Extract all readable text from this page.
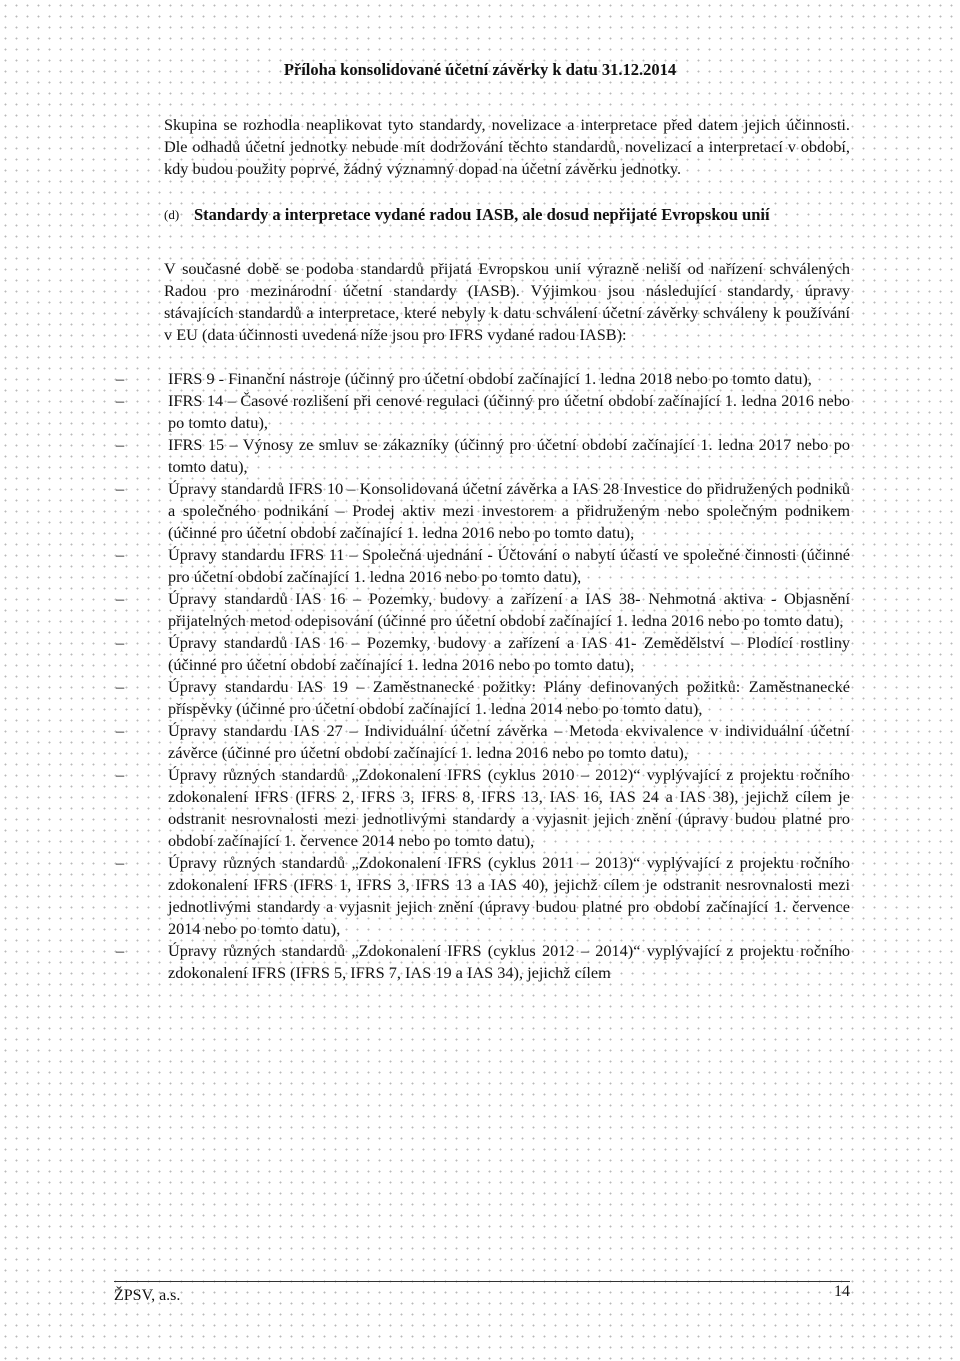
Příloha konsolidované účetní závěrky k datu 31.12.2014

Skupina se rozhodla neaplikovat tyto standardy, novelizace a interpretace před datem jejich účinnosti. Dle odhadů účetní jednotky nebude mít dodržování těchto standardů, novelizací a interpretací v období, kdy budou použity poprvé, žádný významný dopad na účetní závěrku jednotky.

(d) Standardy a interpretace vydané radou IASB, ale dosud nepřijaté Evropskou unií

V současné době se podoba standardů přijatá Evropskou unií výrazně neliší od nařízení schválených Radou pro mezinárodní účetní standardy (IASB). Výjimkou jsou následující standardy, úpravy stávajících standardů a interpretace, které nebyly k datu schválení účetní závěrky schváleny k používání v EU (data účinnosti uvedená níže jsou pro IFRS vydané radou IASB):

–	IFRS 9 - Finanční nástroje (účinný pro účetní období začínající 1. ledna 2018 nebo po tomto datu),
–	IFRS 14 – Časové rozlišení při cenové regulaci (účinný pro účetní období začínající 1. ledna 2016 nebo po tomto datu),
–	IFRS 15 – Výnosy ze smluv se zákazníky (účinný pro účetní období začínající 1. ledna 2017 nebo po tomto datu),
–	Úpravy standardů IFRS 10 – Konsolidovaná účetní závěrka a IAS 28 Investice do přidružených podniků a společného podnikání – Prodej aktiv mezi investorem a přidruženým nebo společným podnikem (účinné pro účetní období začínající 1. ledna 2016 nebo po tomto datu),
–	Úpravy standardu IFRS 11 – Společná ujednání - Účtování o nabytí účastí ve společné činnosti (účinné pro účetní období začínající 1. ledna 2016 nebo po tomto datu),
–	Úpravy standardů IAS 16 – Pozemky, budovy a zařízení a IAS 38- Nehmotná aktiva - Objasnění přijatelných metod odepisování (účinné pro účetní období začínající 1. ledna 2016 nebo po tomto datu),
–	Úpravy standardů IAS 16 – Pozemky, budovy a zařízení a IAS 41- Zemědělství – Plodící rostliny (účinné pro účetní období začínající 1. ledna 2016 nebo po tomto datu),
–	Úpravy standardu IAS 19 – Zaměstnanecké požitky: Plány definovaných požitků: Zaměstnanecké příspěvky (účinné pro účetní období začínající 1. ledna 2014 nebo po tomto datu),
–	Úpravy standardu IAS 27 – Individuální účetní závěrka – Metoda ekvivalence v individuální účetní závěrce (účinné pro účetní období začínající 1. ledna 2016 nebo po tomto datu),
–	Úpravy různých standardů „Zdokonalení IFRS (cyklus 2010 – 2012)“ vyplývající z projektu ročního zdokonalení IFRS (IFRS 2, IFRS 3, IFRS 8, IFRS 13, IAS 16, IAS 24 a IAS 38), jejichž cílem je odstranit nesrovnalosti mezi jednotlivými standardy a vyjasnit jejich znění (úpravy budou platné pro období začínající 1. července 2014 nebo po tomto datu),
–	Úpravy různých standardů „Zdokonalení IFRS (cyklus 2011 – 2013)“ vyplývající z projektu ročního zdokonalení IFRS (IFRS 1, IFRS 3, IFRS 13 a IAS 40), jejichž cílem je odstranit nesrovnalosti mezi jednotlivými standardy a vyjasnit jejich znění (úpravy budou platné pro období začínající 1. července 2014 nebo po tomto datu),
–	Úpravy různých standardů „Zdokonalení IFRS (cyklus 2012 – 2014)“ vyplývající z projektu ročního zdokonalení IFRS (IFRS 5, IFRS 7, IAS 19 a IAS 34), jejichž cílem
ŽPSV, a.s.	14
